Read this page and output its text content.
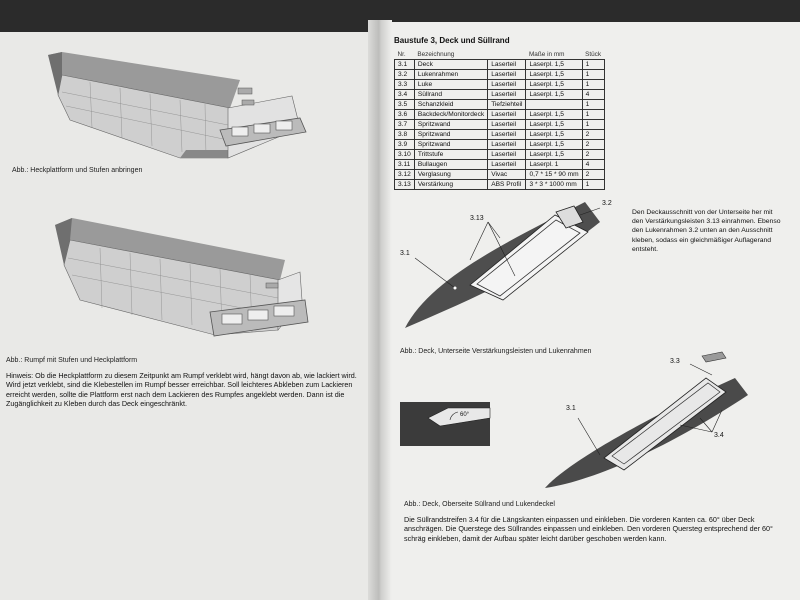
Abb.: Heckplattform und Stufen anbringen
Abb.: Rumpf mit Stufen und Heckplattform
Hinweis: Ob die Heckplattform zu diesem Zeitpunkt am Rumpf verklebt wird, hängt davon ab, wie lackiert wird. Wird jetzt verklebt, sind die Klebestellen im Rumpf besser erreichbar. Soll leichteres Abkleben zum Lackieren erreicht werden, sollte die Plattform erst nach dem Lackieren des Rumpfes angeklebt werden. Dann ist die Zugänglichkeit zu Kleben durch das Deck eingeschränkt.
Baustufe 3, Deck und Süllrand
Nr.	Bezeichnung		Maße in mm	Stück
3.1	Deck	Laserteil	Laserpl. 1,5	1
3.2	Lukenrahmen	Laserteil	Laserpl. 1,5	1
3.3	Luke	Laserteil	Laserpl. 1,5	1
3.4	Süllrand	Laserteil	Laserpl. 1,5	4
3.5	Schanzkleid	Tiefziehteil		1
3.6	Backdeck/Monitordeck	Laserteil	Laserpl. 1,5	1
3.7	Spritzwand	Laserteil	Laserpl. 1,5	1
3.8	Spritzwand	Laserteil	Laserpl. 1,5	2
3.9	Spritzwand	Laserteil	Laserpl. 1,5	2
3.10	Trittstufe	Laserteil	Laserpl. 1,5	2
3.11	Bullaugen	Laserteil	Laserpl. 1	4
3.12	Verglasung	Vivac	0,7 * 15 * 90 mm	2
3.13	Verstärkung	ABS Profil	3 * 3 * 1000 mm	1
3.13
3.2
3.1
Den Deckausschnitt von der Unterseite her mit den Verstärkungsleisten 3.13 einrahmen. Ebenso den Lukenrahmen 3.2 unten an den Ausschnitt kleben, sodass ein gleichmäßiger Auflagerand entsteht.
Abb.: Deck, Unterseite Verstärkungsleisten und Lukenrahmen
60°
3.3
3.1
3.4
Abb.: Deck, Oberseite Süllrand und Lukendeckel
Die Süllrandstreifen 3.4 für die Längskanten einpassen und einkleben. Die vorderen Kanten ca. 60° über Deck anschrägen. Die Querstege des Süllrandes einpassen und einkleben. Den vorderen Quersteg entsprechend der 60° schräg einkleben, damit der Aufbau später leicht darüber geschoben werden kann.
